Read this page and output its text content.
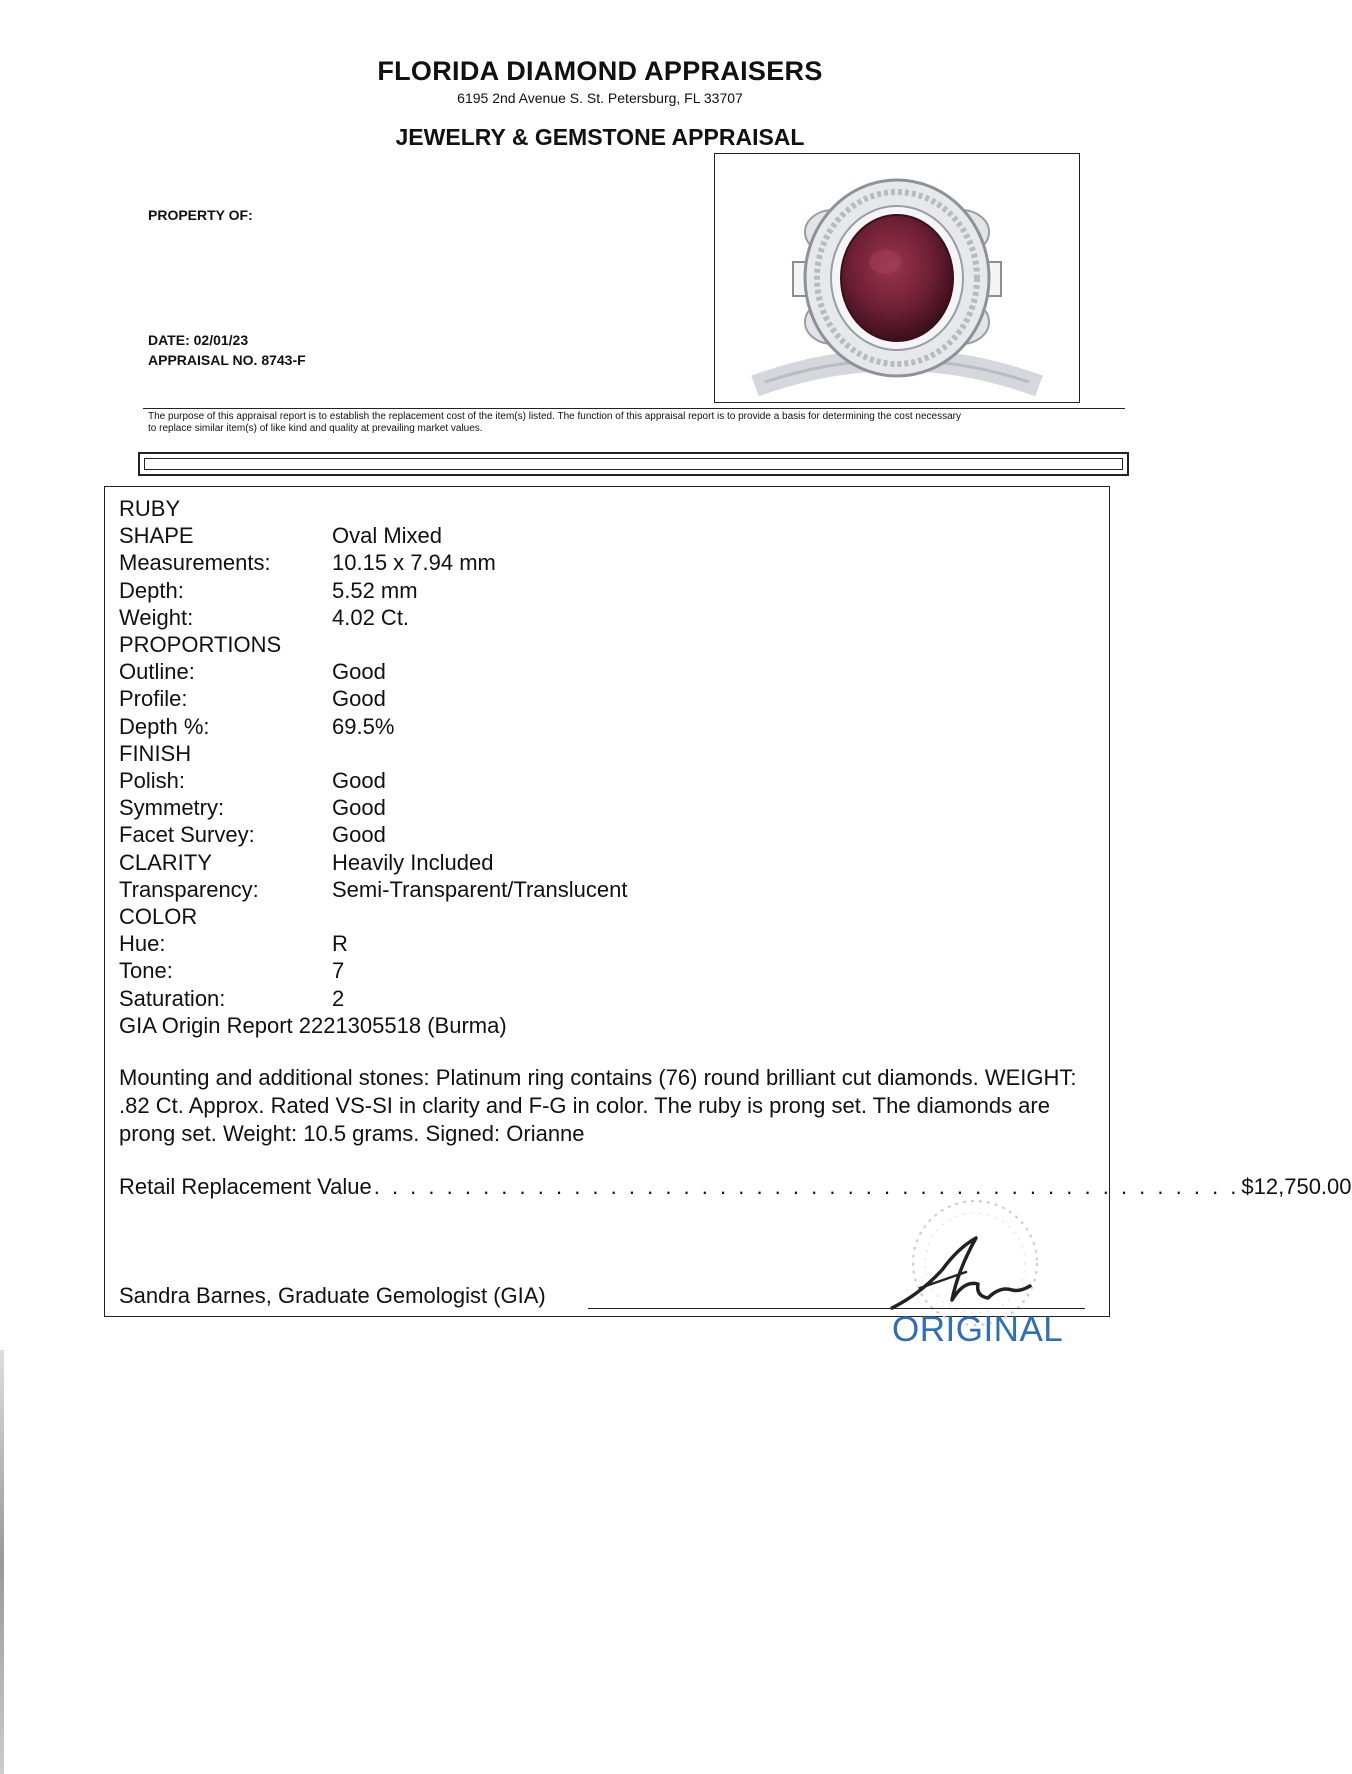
FLORIDA DIAMOND APPRAISERS
6195 2nd Avenue S. St. Petersburg, FL 33707
JEWELRY & GEMSTONE APPRAISAL
PROPERTY OF:
DATE: 02/01/23
APPRAISAL NO. 8743-F
The purpose of this appraisal report is to establish the replacement cost of the item(s) listed. The function of this appraisal report is to provide a basis for determining the cost necessary
to replace similar item(s) of like kind and quality at prevailing market values.
RUBY
SHAPE	Oval Mixed
Measurements:	10.15 x 7.94 mm
Depth:	5.52 mm
Weight:	4.02 Ct.
PROPORTIONS
Outline:	Good
Profile:	Good
Depth %:	69.5%
FINISH
Polish:	Good
Symmetry:	Good
Facet Survey:	Good
CLARITY	Heavily Included
Transparency:	Semi-Transparent/Translucent
COLOR
Hue:	R
Tone:	7
Saturation:	2
GIA Origin Report 2221305518 (Burma)
Mounting and additional stones: Platinum ring contains (76) round brilliant cut diamonds. WEIGHT: .82 Ct. Approx. Rated VS-SI in clarity and F-G in color. The ruby is prong set. The diamonds are prong set. Weight: 10.5 grams. Signed: Orianne
Retail Replacement Value . . . . . . . . . . . . . . . . . . . . . . . . . . . . . . . . . . . . . . . . . . . . . . . . $12,750.00
Sandra Barnes, Graduate Gemologist (GIA)
ORIGINAL
